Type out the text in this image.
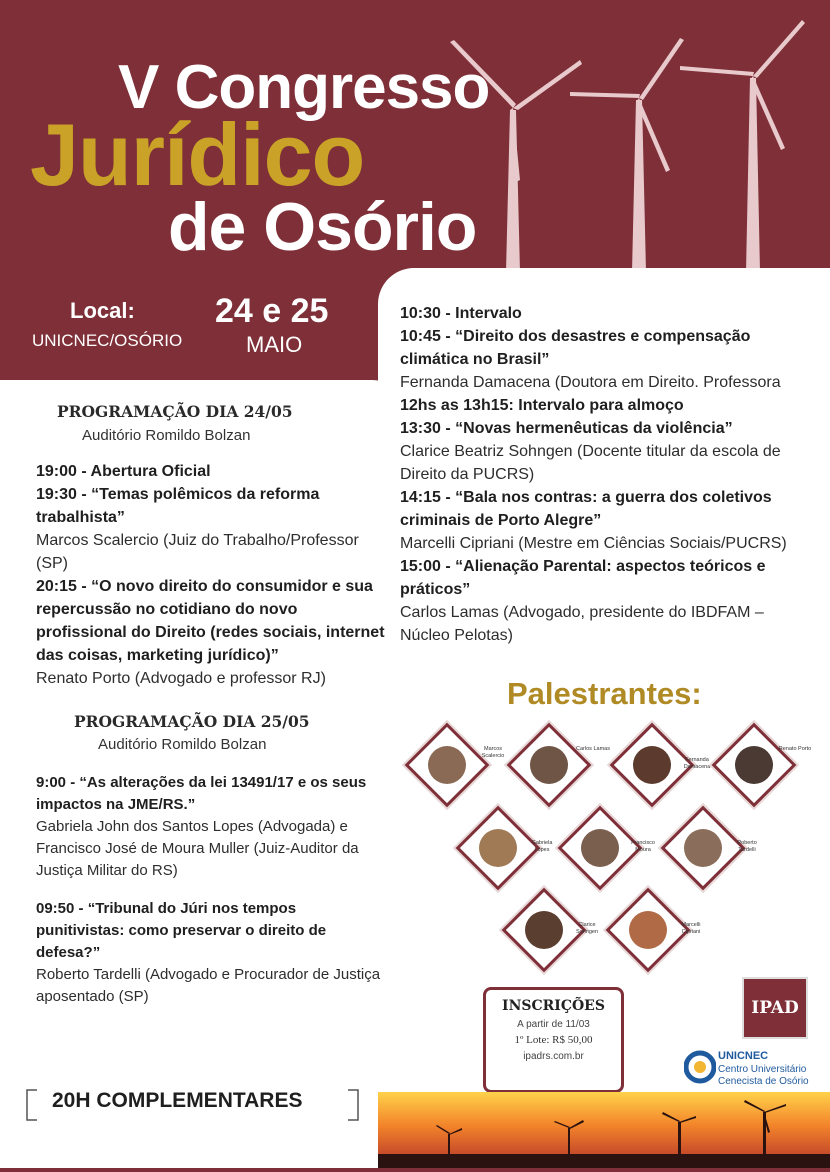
V Congresso
Jurídico
de Osório
Local:
UNICNEC/OSÓRIO
24 e 25
MAIO
PROGRAMAÇÃO DIA 24/05
Auditório Romildo Bolzan
19:00 - Abertura Oficial
19:30 - “Temas polêmicos da reforma trabalhista”
Marcos Scalercio (Juiz do Trabalho/Professor (SP)
20:15 - “O novo direito do consumidor e sua repercussão no cotidiano do novo profissional do Direito (redes sociais, internet das coisas, marketing jurídico)”
Renato Porto (Advogado e professor RJ)
PROGRAMAÇÃO DIA 25/05
Auditório Romildo Bolzan
9:00 - “As alterações da lei 13491/17 e os seus impactos na JME/RS.”
Gabriela John dos Santos Lopes (Advogada) e Francisco José de Moura Muller (Juiz-Auditor da Justiça Militar do RS)
09:50 - “Tribunal do Júri nos tempos punitivistas: como preservar o direito de defesa?”
Roberto Tardelli (Advogado e Procurador de Justiça aposentado (SP)
10:30 - Intervalo
10:45 - “Direito dos desastres e compensação climática no Brasil”
Fernanda Damacena (Doutora em Direito. Professora
12hs as 13h15: Intervalo para almoço
13:30 - “Novas hermenêuticas da violência”
Clarice Beatriz Sohngen (Docente titular da escola de Direito da PUCRS)
14:15 - “Bala nos contras: a guerra dos coletivos criminais de Porto Alegre”
Marcelli Cipriani (Mestre em Ciências Sociais/PUCRS)
15:00 - “Alienação Parental: aspectos teóricos e práticos”
Carlos Lamas (Advogado, presidente do IBDFAM – Núcleo Pelotas)
Palestrantes:
Marcos Scalercio
Carlos Lamas
Fernanda Damacena
Renato Porto
Gabriela Lopes
Francisco Moura
Roberto Tardelli
Clarice Sohngen
Marcelli Cipriani
INSCRIÇÕES
A partir de 11/03
1º Lote: R$ 50,00
ipadrs.com.br
IPAD
UNICNEC
Centro Universitário
Cenecista de Osório
20H COMPLEMENTARES
